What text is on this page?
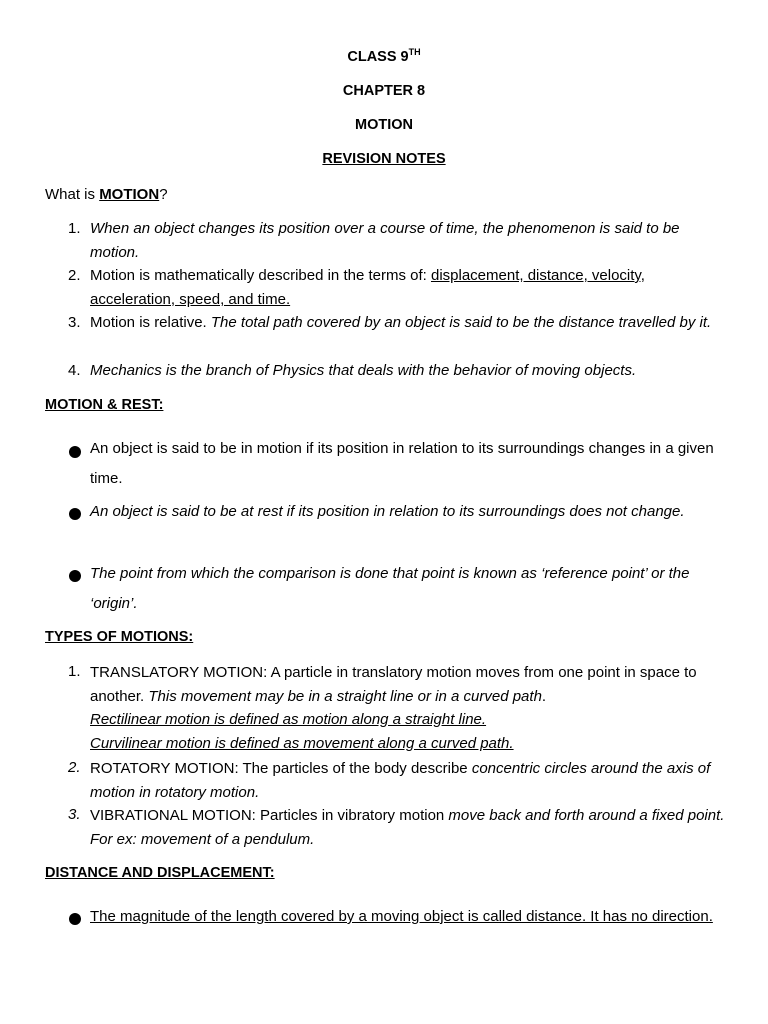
CLASS 9TH
CHAPTER 8
MOTION
REVISION NOTES
What is MOTION?
1. When an object changes its position over a course of time, the phenomenon is said to be motion.
2. Motion is mathematically described in the terms of: displacement, distance, velocity, acceleration, speed, and time.
3. Motion is relative. The total path covered by an object is said to be the distance travelled by it.
4. Mechanics is the branch of Physics that deals with the behavior of moving objects.
MOTION & REST:
An object is said to be in motion if its position in relation to its surroundings changes in a given time.
An object is said to be at rest if its position in relation to its surroundings does not change.
The point from which the comparison is done that point is known as ‘reference point’ or the ‘origin’.
TYPES OF MOTIONS:
1. TRANSLATORY MOTION: A particle in translatory motion moves from one point in space to another. This movement may be in a straight line or in a curved path.
Rectilinear motion is defined as motion along a straight line.
Curvilinear motion is defined as movement along a curved path.
2. ROTATORY MOTION: The particles of the body describe concentric circles around the axis of motion in rotatory motion.
3. VIBRATIONAL MOTION: Particles in vibratory motion move back and forth around a fixed point. For ex: movement of a pendulum.
DISTANCE AND DISPLACEMENT:
The magnitude of the length covered by a moving object is called distance. It has no direction.
